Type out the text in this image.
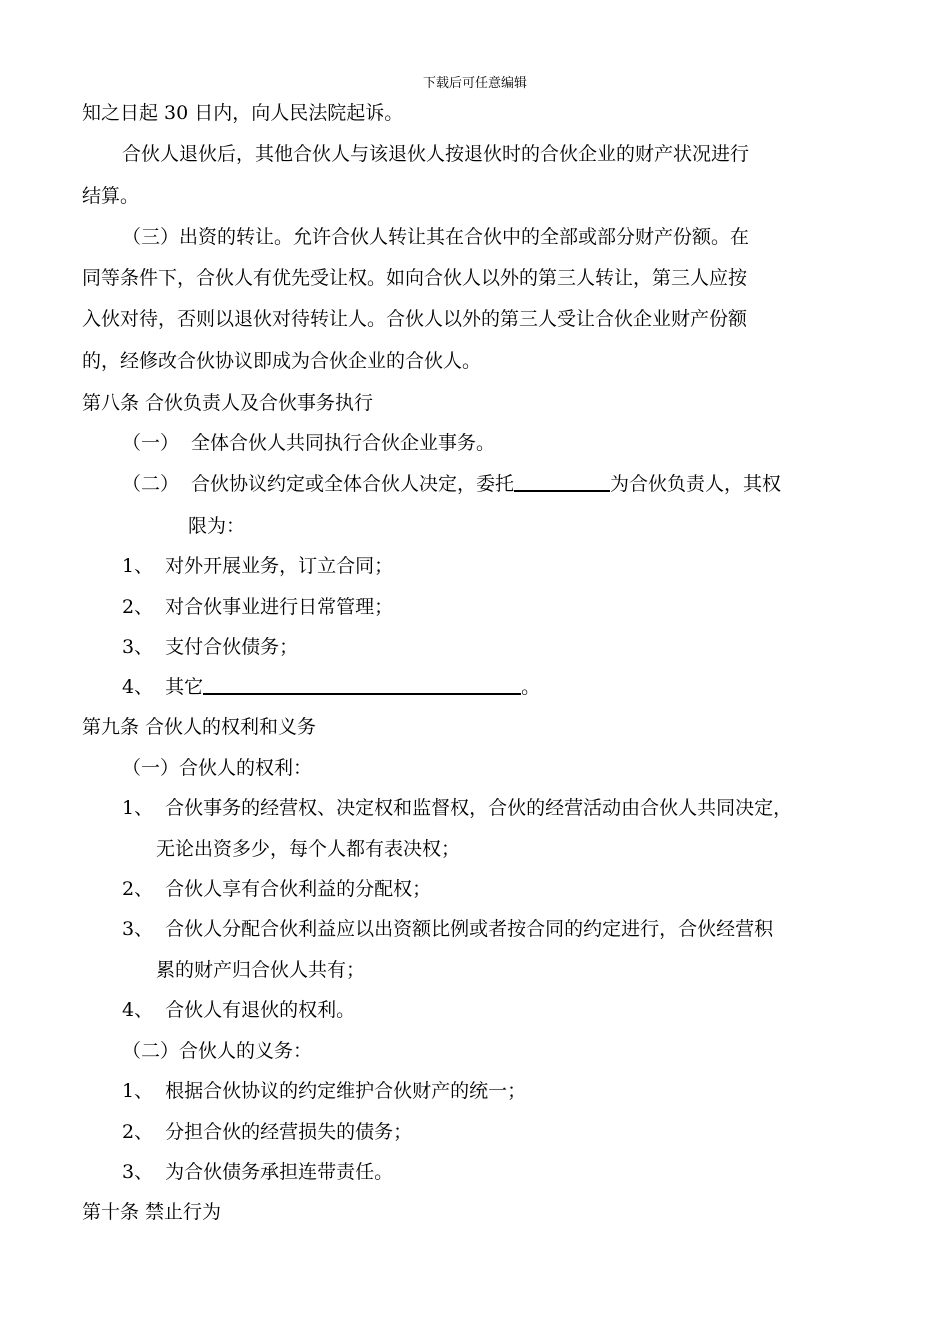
下载后可任意编辑
知之日起 30 日内，向人民法院起诉。
合伙人退伙后，其他合伙人与该退伙人按退伙时的合伙企业的财产状况进行
结算。
（三）出资的转让。允许合伙人转让其在合伙中的全部或部分财产份额。在
同等条件下，合伙人有优先受让权。如向合伙人以外的第三人转让，第三人应按
入伙对待，否则以退伙对待转让人。合伙人以外的第三人受让合伙企业财产份额
的，经修改合伙协议即成为合伙企业的合伙人。
第八条 合伙负责人及合伙事务执行
（一） 全体合伙人共同执行合伙企业事务。
（二） 合伙协议约定或全体合伙人决定，委托	为合伙负责人，其权
限为：
1、 对外开展业务，订立合同；
2、 对合伙事业进行日常管理；
3、 支付合伙债务；
4、 其它	。
第九条 合伙人的权利和义务
（一）合伙人的权利：
1、 合伙事务的经营权、决定权和监督权，合伙的经营活动由合伙人共同决定，
无论出资多少，每个人都有表决权；
2、 合伙人享有合伙利益的分配权；
3、 合伙人分配合伙利益应以出资额比例或者按合同的约定进行，合伙经营积
累的财产归合伙人共有；
4、 合伙人有退伙的权利。
（二）合伙人的义务：
1、 根据合伙协议的约定维护合伙财产的统一；
2、 分担合伙的经营损失的债务；
3、 为合伙债务承担连带责任。
第十条 禁止行为
